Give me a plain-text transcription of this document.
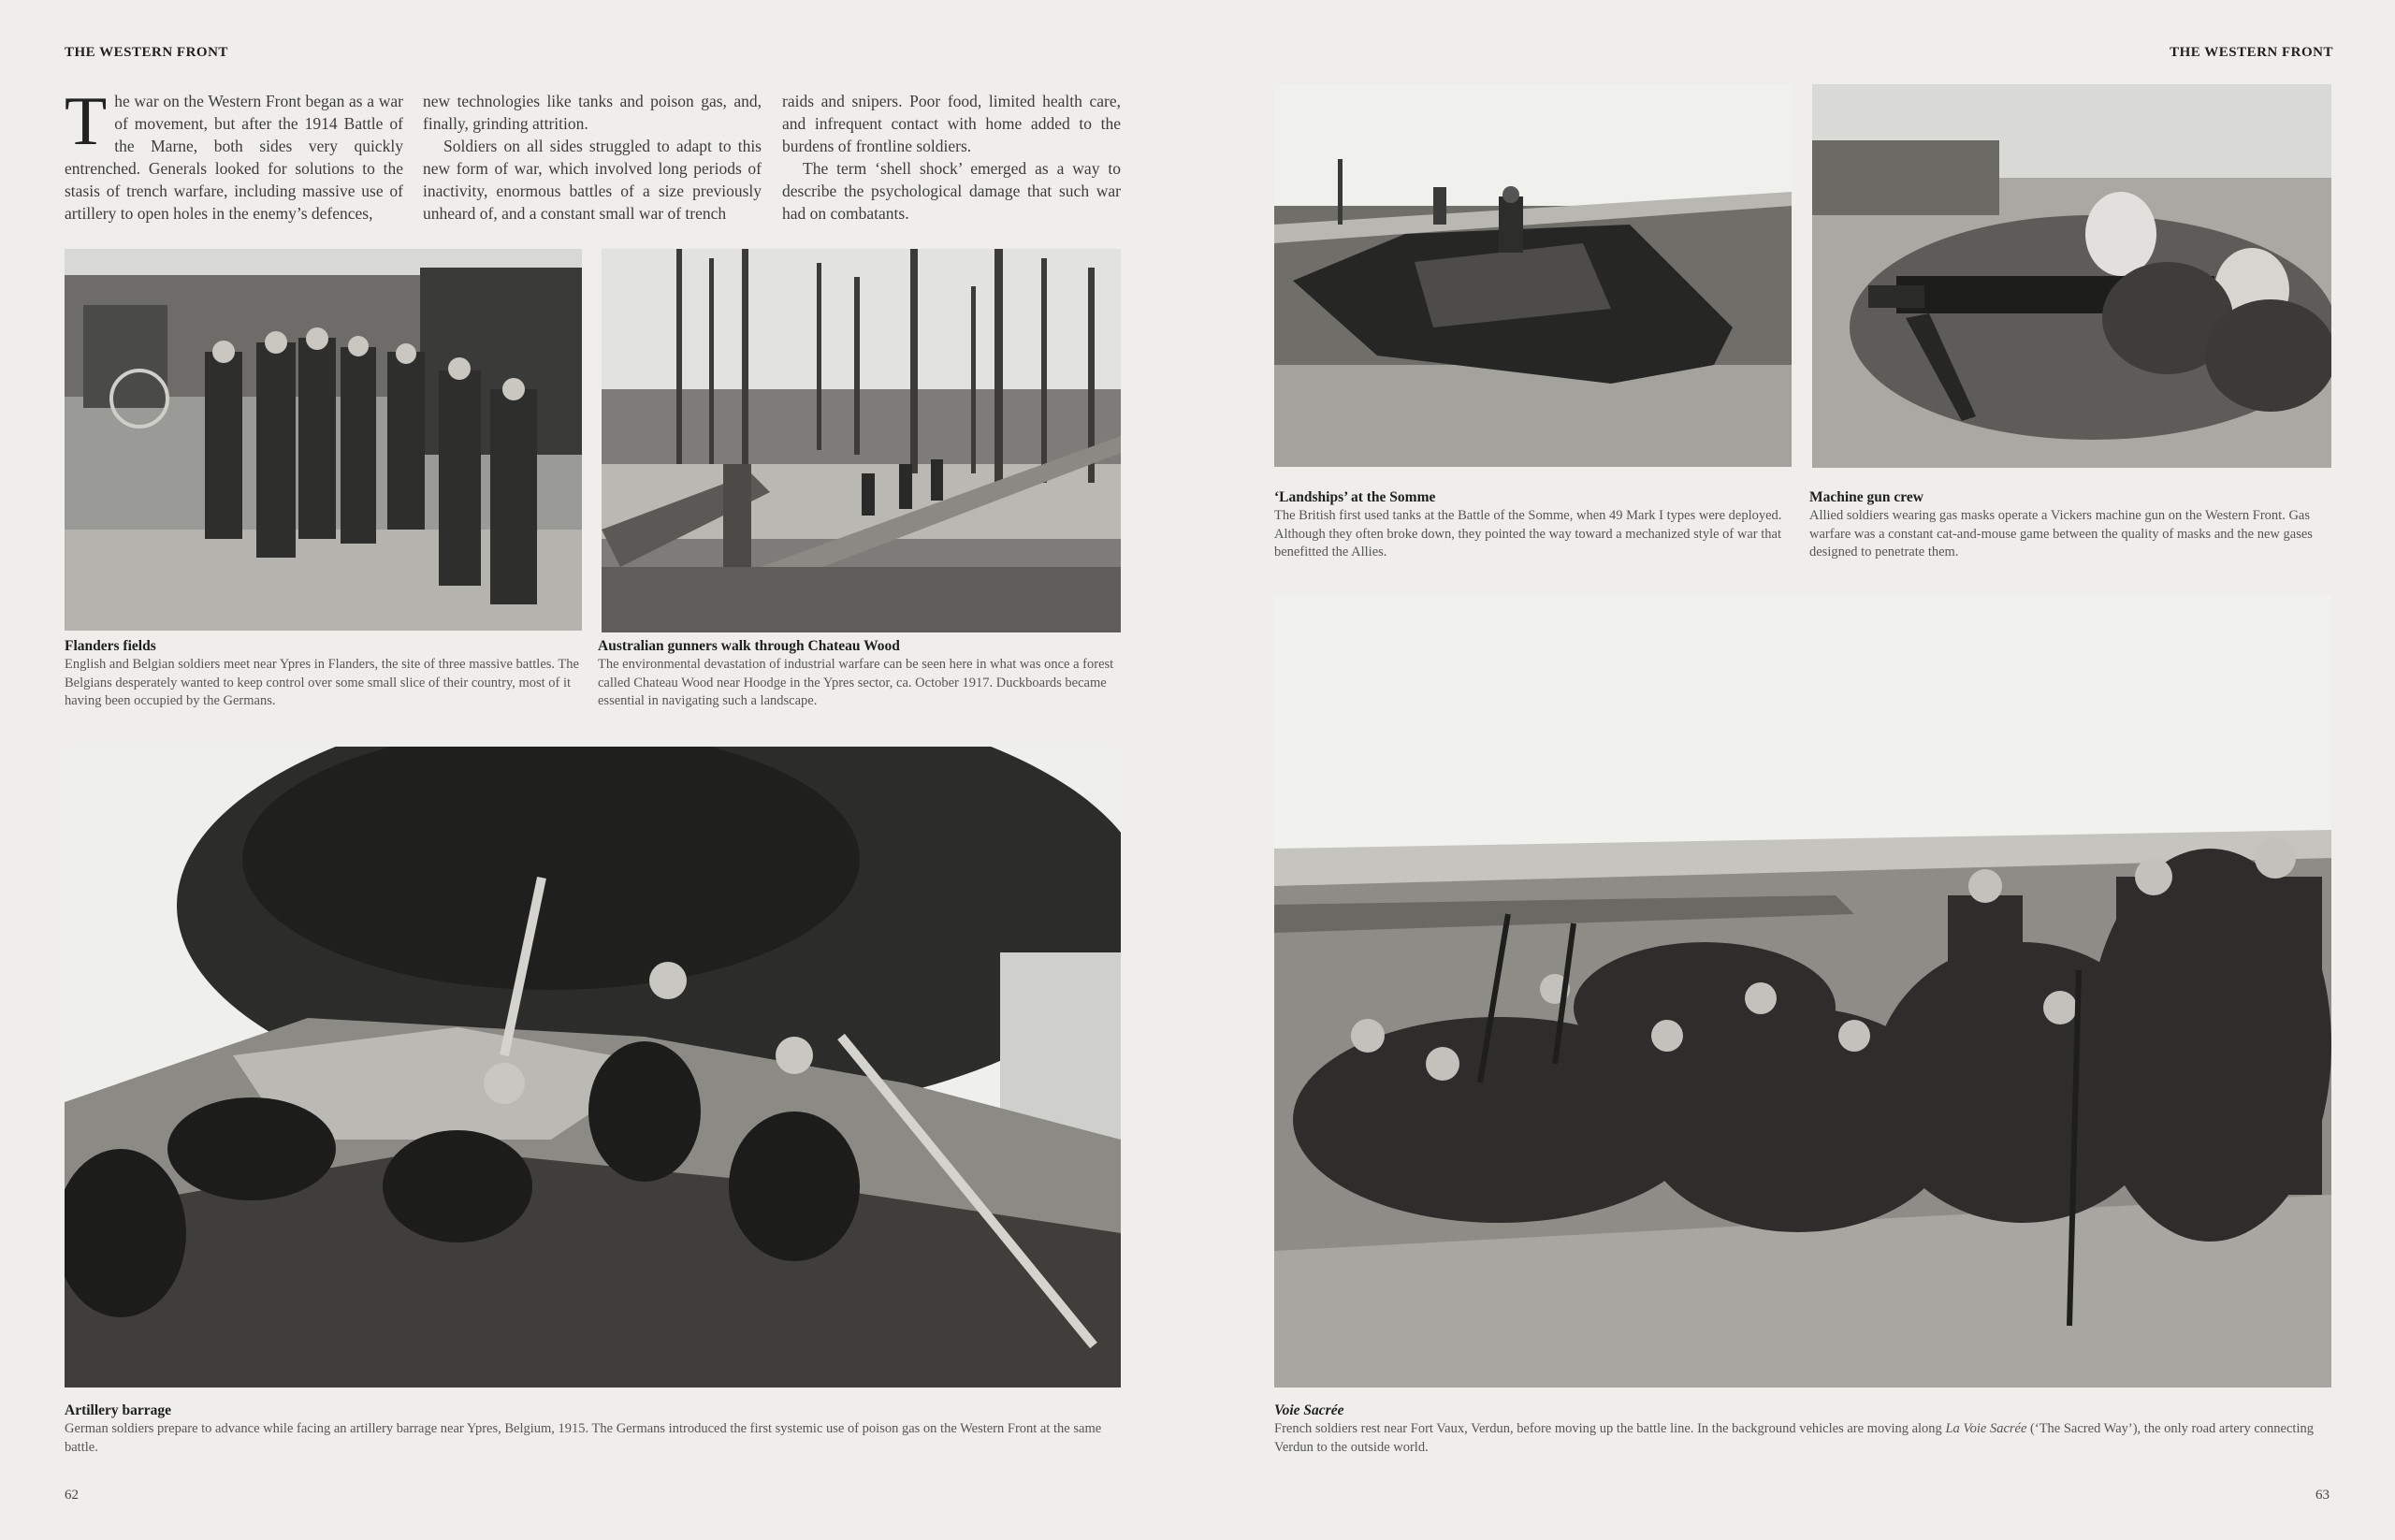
THE WESTERN FRONT	THE WESTERN FRONT
The war on the Western Front began as a war of movement, but after the 1914 Battle of the Marne, both sides very quickly entrenched. Generals looked for solutions to the stasis of trench warfare, including massive use of artillery to open holes in the enemy’s defences,

new technologies like tanks and poison gas, and, finally, grinding attrition.

Soldiers on all sides struggled to adapt to this new form of war, which involved long periods of inactivity, enormous battles of a size previously unheard of, and a constant small war of trench

raids and snipers. Poor food, limited health care, and infrequent contact with home added to the burdens of frontline soldiers.

The term ‘shell shock’ emerged as a way to describe the psychological damage that such war had on combatants.

Flanders fields
English and Belgian soldiers meet near Ypres in Flanders, the site of three massive battles. The Belgians desperately wanted to keep control over some small slice of their country, most of it having been occupied by the Germans.
Australian gunners walk through Chateau Wood
The environmental devastation of industrial warfare can be seen here in what was once a forest called Chateau Wood near Hoodge in the Ypres sector, ca. October 1917. Duckboards became essential in navigating such a landscape.
Artillery barrage
German soldiers prepare to advance while facing an artillery barrage near Ypres, Belgium, 1915. The Germans introduced the first systemic use of poison gas on the Western Front at the same battle.
‘Landships’ at the Somme
The British first used tanks at the Battle of the Somme, when 49 Mark I types were deployed. Although they often broke down, they pointed the way toward a mechanized style of war that benefitted the Allies.
Machine gun crew
Allied soldiers wearing gas masks operate a Vickers machine gun on the Western Front. Gas warfare was a constant cat-and-mouse game between the quality of masks and the new gases designed to penetrate them.
Voie Sacrée
French soldiers rest near Fort Vaux, Verdun, before moving up the battle line. In the background vehicles are moving along La Voie Sacrée (‘The Sacred Way’), the only road artery connecting Verdun to the outside world.
62	63
